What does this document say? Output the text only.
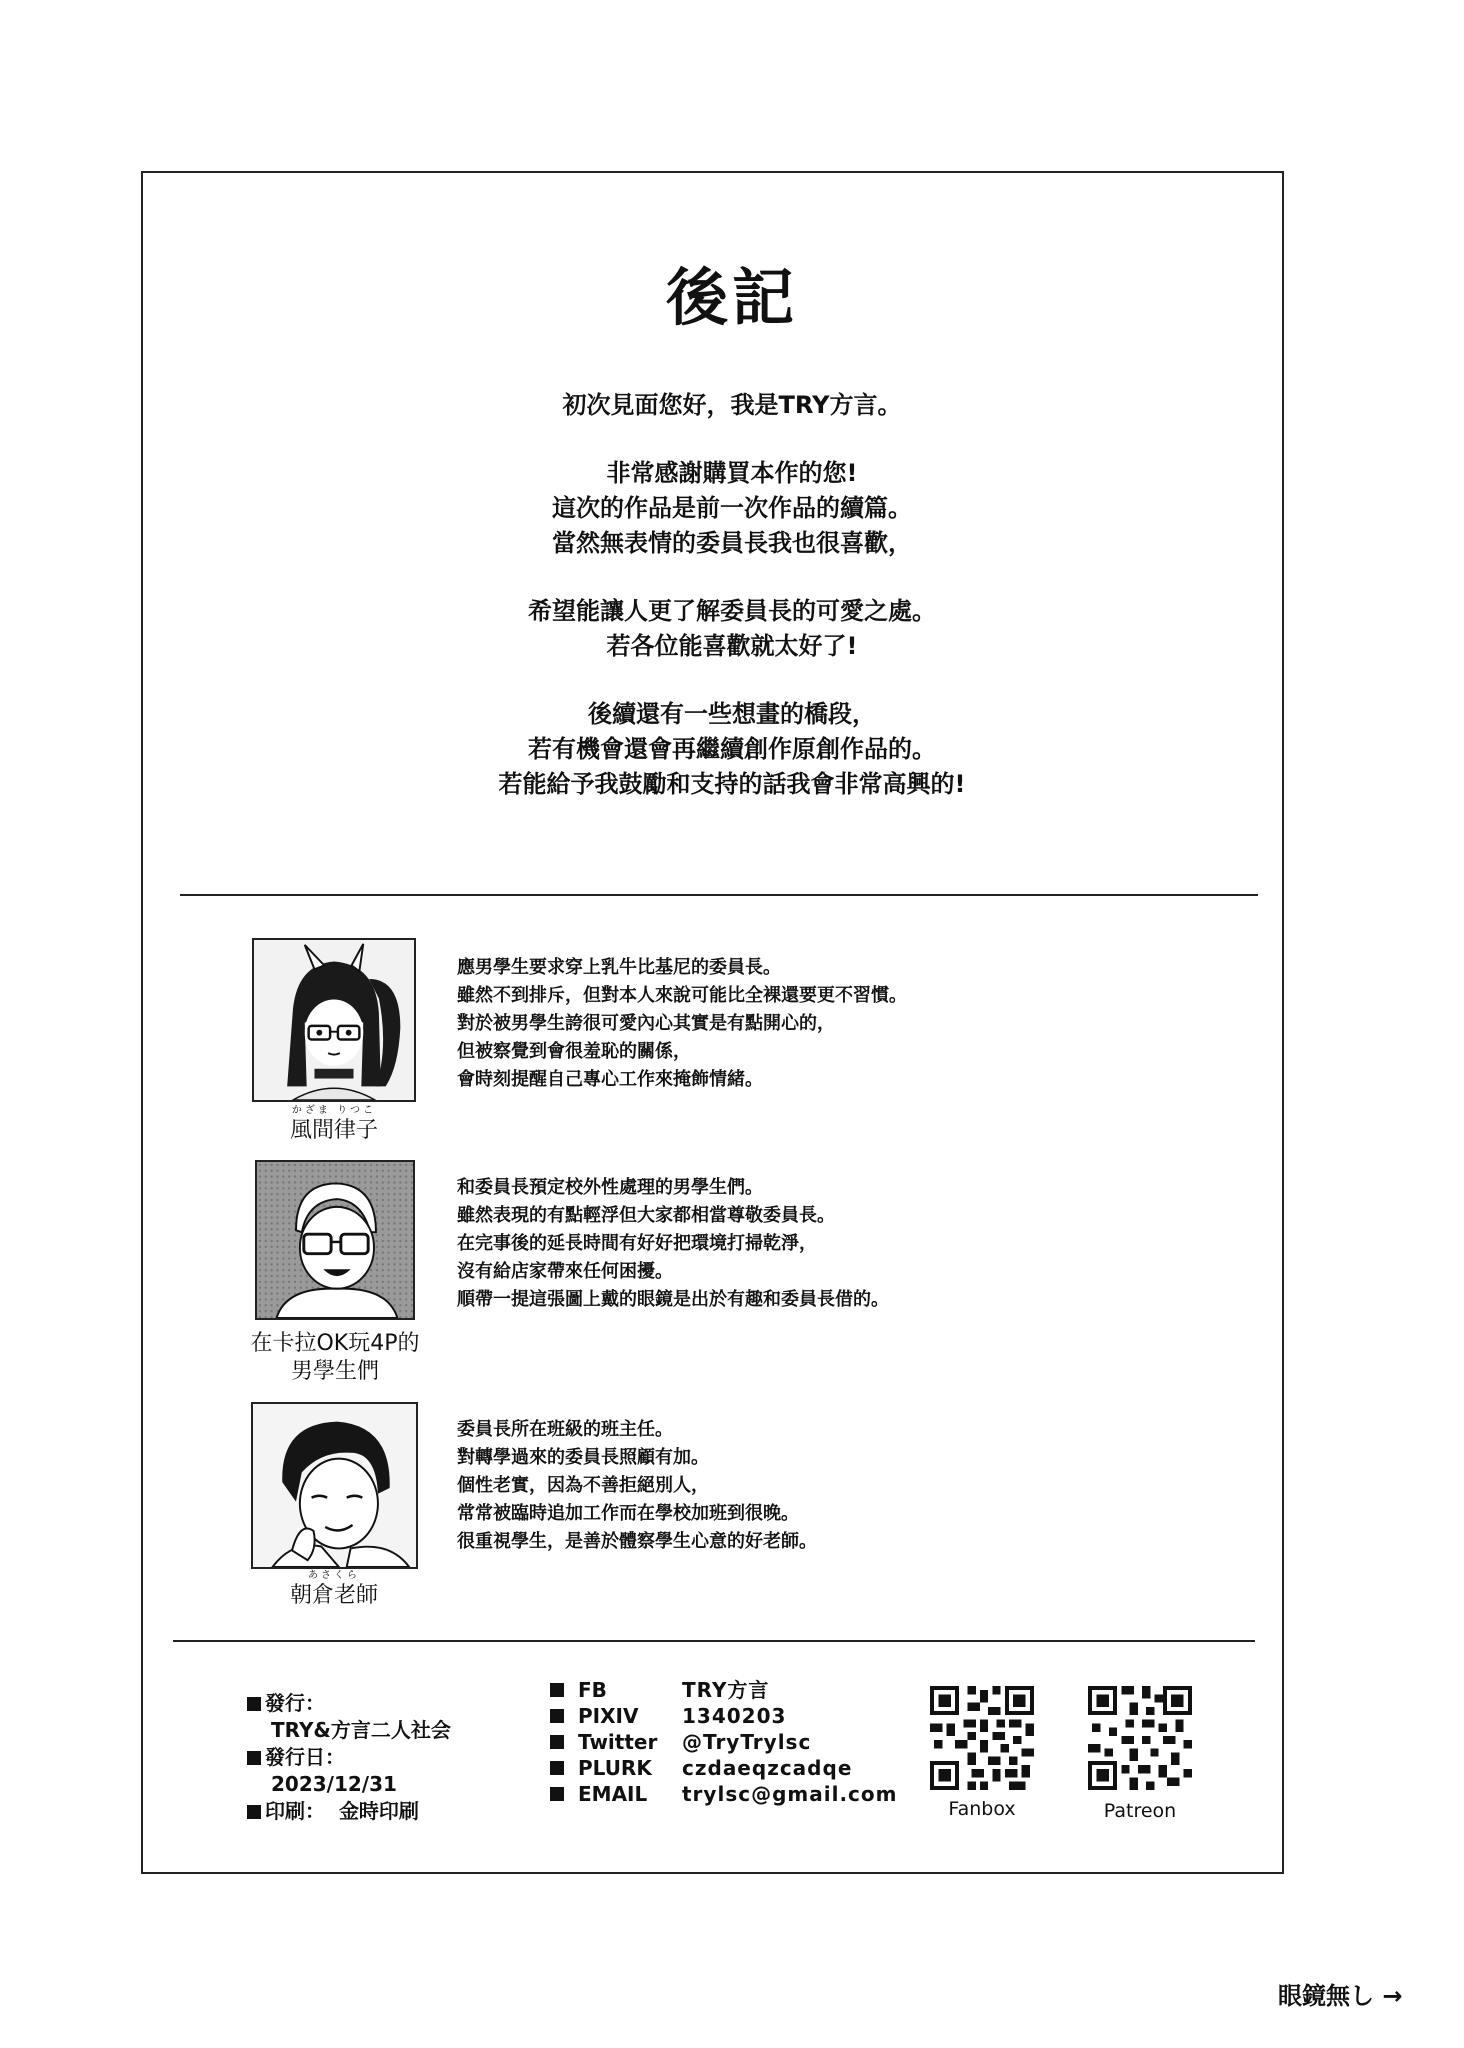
後記
初次見面您好，我是TRY方言。
非常感謝購買本作的您!
這次的作品是前一次作品的續篇。
當然無表情的委員長我也很喜歡，
希望能讓人更了解委員長的可愛之處。
若各位能喜歡就太好了!
後續還有一些想畫的橋段，
若有機會還會再繼續創作原創作品的。
若能給予我鼓勵和支持的話我會非常高興的!
かざま りつこ
風間律子
應男學生要求穿上乳牛比基尼的委員長。
雖然不到排斥，但對本人來說可能比全裸還要更不習慣。
對於被男學生誇很可愛內心其實是有點開心的，
但被察覺到會很羞恥的關係，
會時刻提醒自己專心工作來掩飾情緒。
在卡拉OK玩4P的
男學生們
和委員長預定校外性處理的男學生們。
雖然表現的有點輕浮但大家都相當尊敬委員長。
在完事後的延長時間有好好把環境打掃乾淨，
沒有給店家帶來任何困擾。
順帶一提這張圖上戴的眼鏡是出於有趣和委員長借的。
あさくら
朝倉老師
委員長所在班級的班主任。
對轉學過來的委員長照顧有加。
個性老實，因為不善拒絕別人，
常常被臨時追加工作而在學校加班到很晚。
很重視學生，是善於體察學生心意的好老師。
發行：
TRY&方言二人社会
發行日：
2023/12/31
印刷： 金時印刷
FB	TRY方言
PIXIV 1340203
Twitter @TryTrylsc
PLURK czdaeqzcadqe
EMAIL trylsc@gmail.com
Fanbox	Patreon
眼鏡無し →
